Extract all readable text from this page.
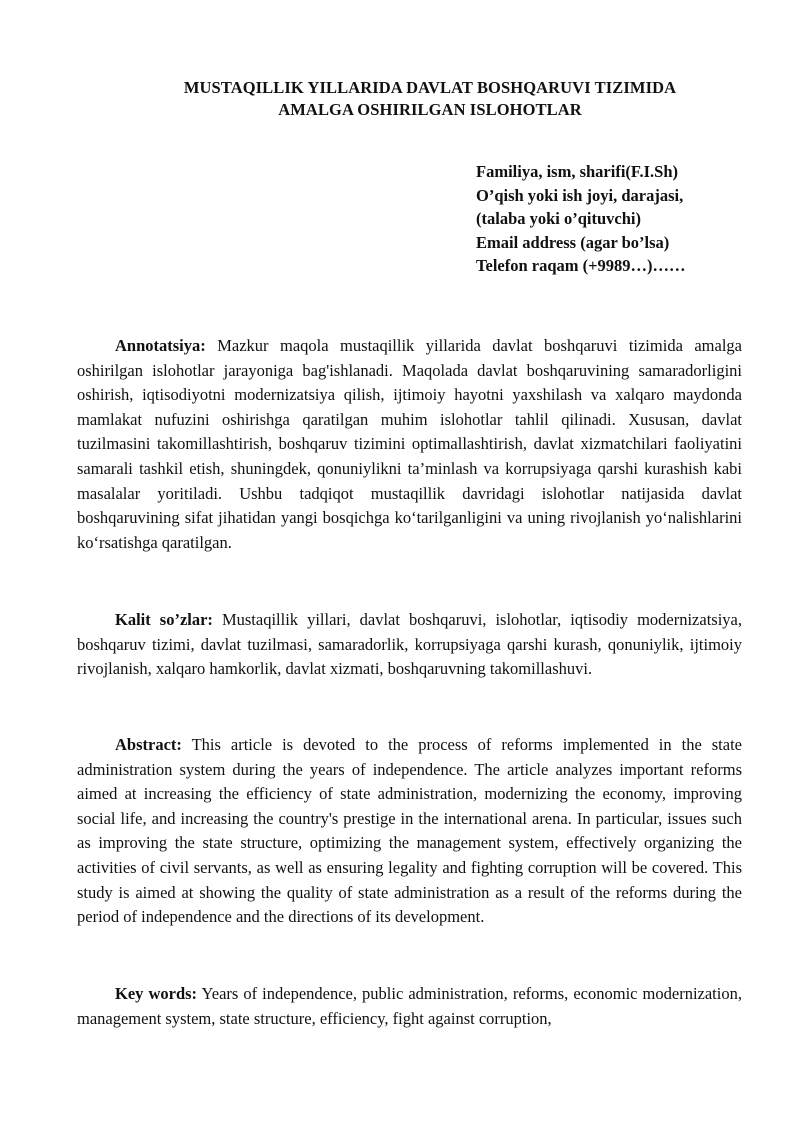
MUSTAQILLIK YILLARIDA DAVLAT BOSHQARUVI TIZIMIDA
AMALGA OSHIRILGAN ISLOHOTLAR
Familiya, ism, sharifi(F.I.Sh)
O’qish yoki ish joyi, darajasi,
(talaba yoki o’qituvchi)
Email address (agar bo’lsa)
Telefon raqam (+9989…)……

Annotatsiya: Mazkur maqola mustaqillik yillarida davlat boshqaruvi tizimida amalga oshirilgan islohotlar jarayoniga bag'ishlanadi. Maqolada davlat boshqaruvining samaradorligini oshirish, iqtisodiyotni modernizatsiya qilish, ijtimoiy hayotni yaxshilash va xalqaro maydonda mamlakat nufuzini oshirishga qaratilgan muhim islohotlar tahlil qilinadi. Xususan, davlat tuzilmasini takomillashtirish, boshqaruv tizimini optimallashtirish, davlat xizmatchilari faoliyatini samarali tashkil etish, shuningdek, qonuniylikni ta’minlash va korrupsiyaga qarshi kurashish kabi masalalar yoritiladi. Ushbu tadqiqot mustaqillik davridagi islohotlar natijasida davlat boshqaruvining sifat jihatidan yangi bosqichga ko‘tarilganligini va uning rivojlanish yo‘nalishlarini ko‘rsatishga qaratilgan.

Kalit so’zlar: Mustaqillik yillari, davlat boshqaruvi, islohotlar, iqtisodiy modernizatsiya, boshqaruv tizimi, davlat tuzilmasi, samaradorlik, korrupsiyaga qarshi kurash, qonuniylik, ijtimoiy rivojlanish, xalqaro hamkorlik, davlat xizmati, boshqaruvning takomillashuvi.

Abstract: This article is devoted to the process of reforms implemented in the state administration system during the years of independence. The article analyzes important reforms aimed at increasing the efficiency of state administration, modernizing the economy, improving social life, and increasing the country's prestige in the international arena. In particular, issues such as improving the state structure, optimizing the management system, effectively organizing the activities of civil servants, as well as ensuring legality and fighting corruption will be covered. This study is aimed at showing the quality of state administration as a result of the reforms during the period of independence and the directions of its development.

Key words: Years of independence, public administration, reforms, economic modernization, management system, state structure, efficiency, fight against corruption,
